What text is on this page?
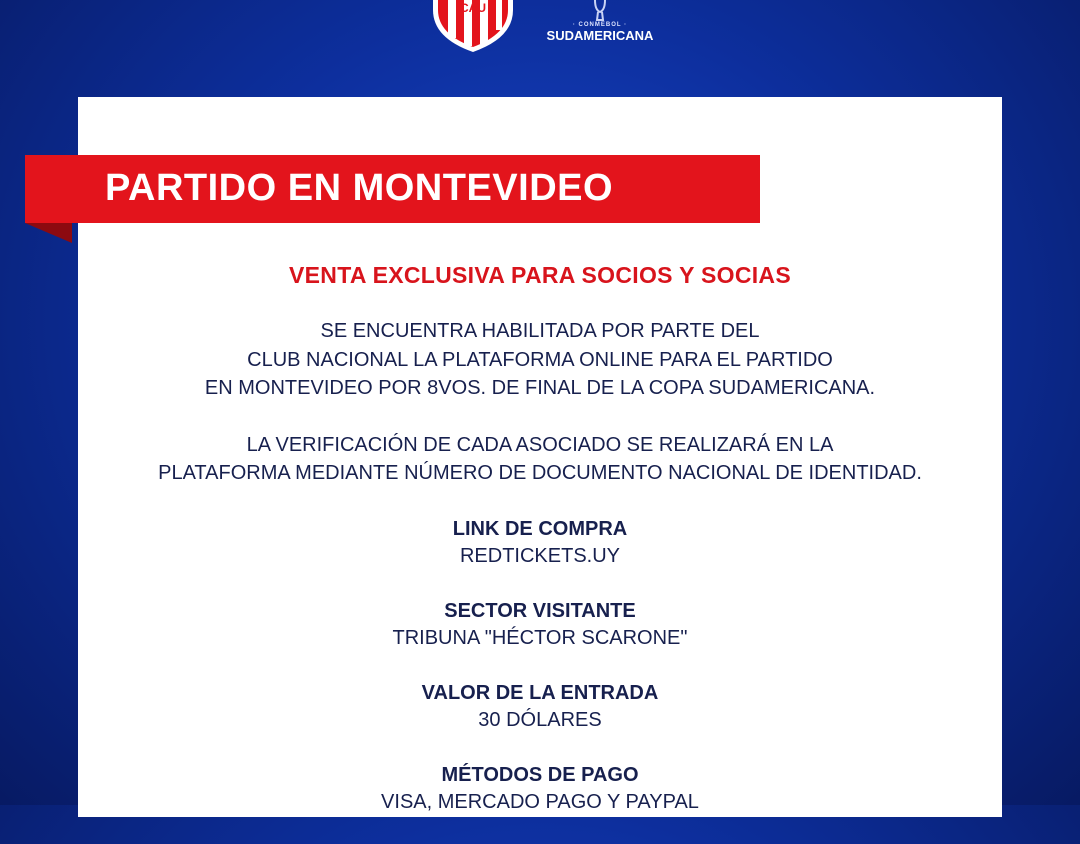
CAU
· CONMEBOL ·
SUDAMERICANA
PARTIDO EN MONTEVIDEO
VENTA EXCLUSIVA PARA SOCIOS Y SOCIAS
SE ENCUENTRA HABILITADA POR PARTE DEL
CLUB NACIONAL LA PLATAFORMA ONLINE PARA EL PARTIDO
EN MONTEVIDEO POR 8VOS. DE FINAL DE LA COPA SUDAMERICANA.
LA VERIFICACIÓN DE CADA ASOCIADO SE REALIZARÁ EN LA
PLATAFORMA MEDIANTE NÚMERO DE DOCUMENTO NACIONAL DE IDENTIDAD.
LINK DE COMPRA
REDTICKETS.UY
SECTOR VISITANTE
TRIBUNA "HÉCTOR SCARONE"
VALOR DE LA ENTRADA
30 DÓLARES
MÉTODOS DE PAGO
VISA, MERCADO PAGO Y PAYPAL
